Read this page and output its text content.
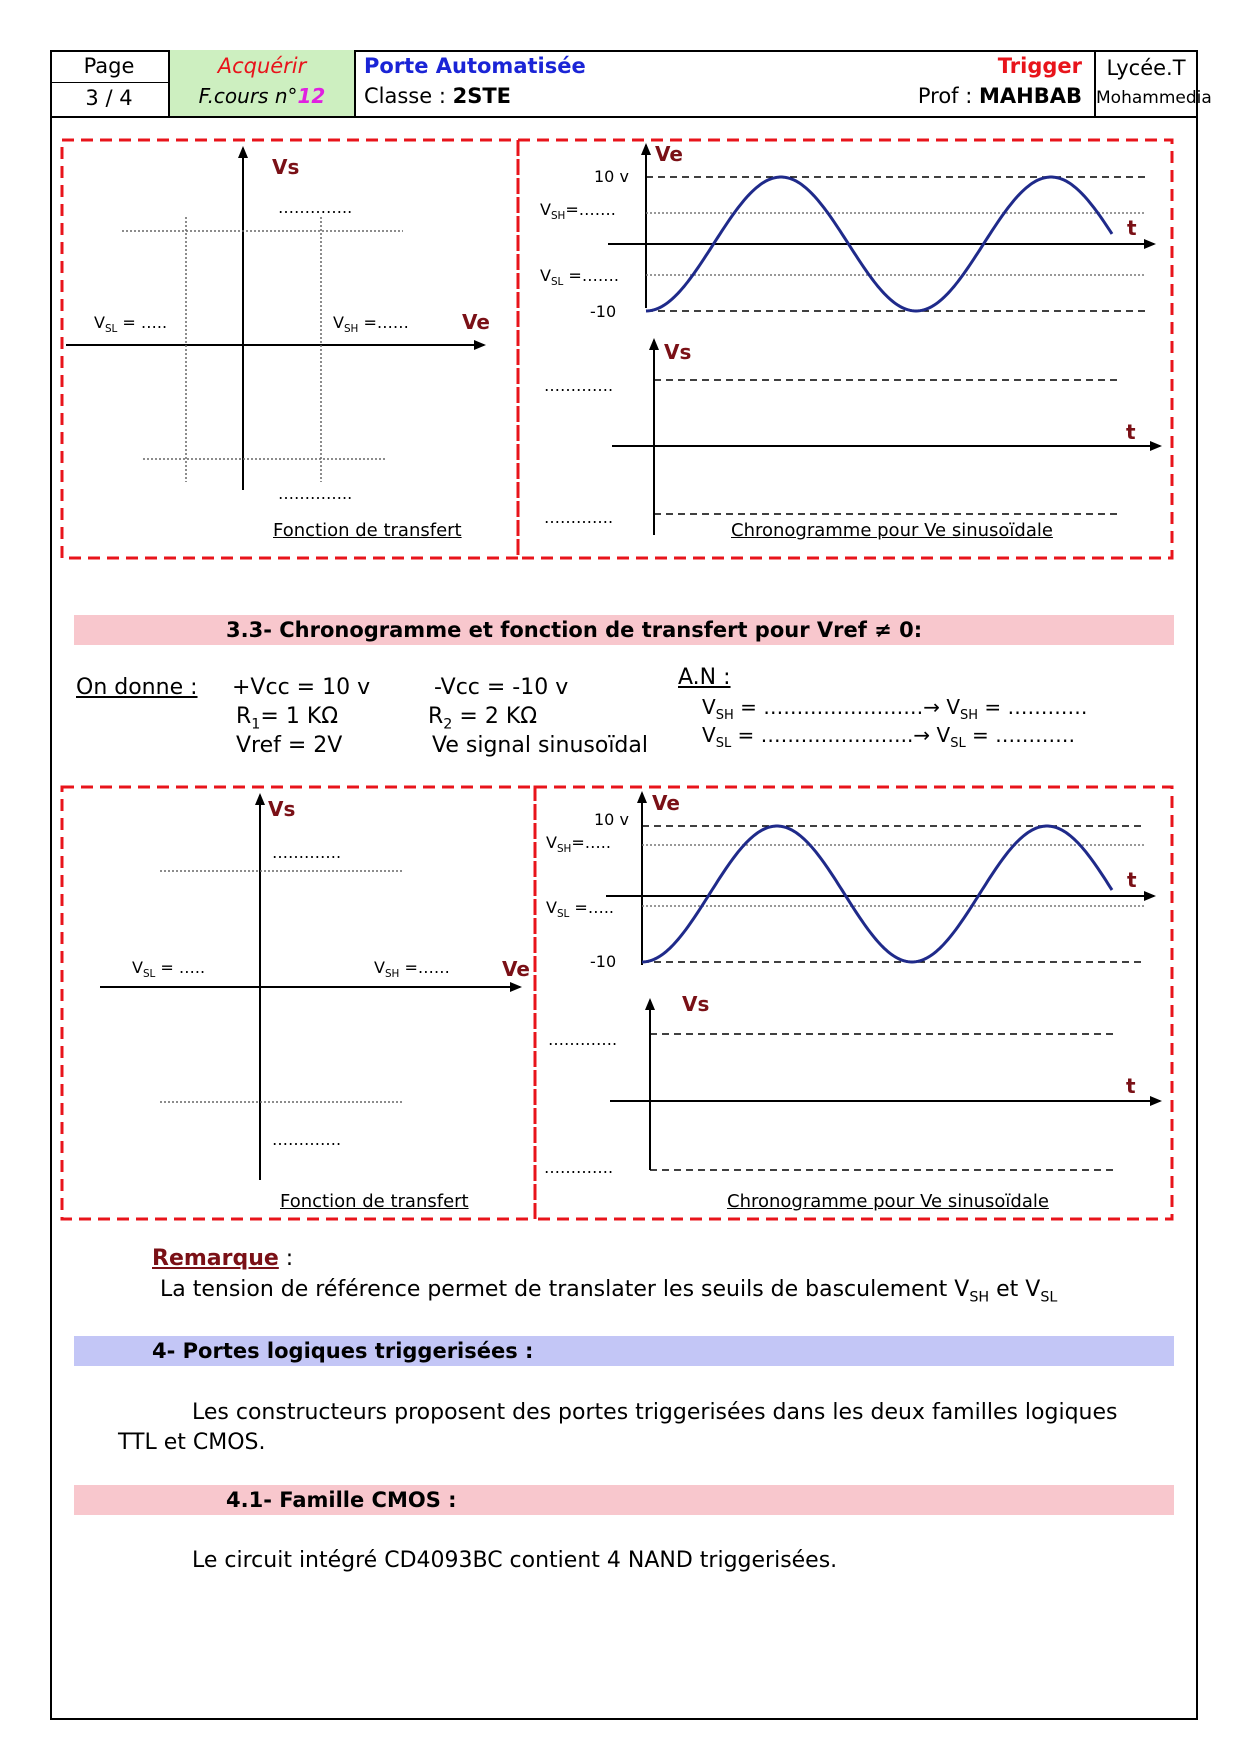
Page
3 / 4
Acquérir
F.cours n°12
Porte Automatisée
Classe : 2STE
Trigger
Prof : MAHBAB
Lycée.T
Mohammedia
Vs
Ve
…………..
…………..
$V_{SL}$ = …..	$V_{SH}$ =……
Fonction de transfert
Ve
t
10 v
-10
$V_{SH}=\dots\dots$.
$V_{SL}$ =…….
Vs
t
………….
………….
Chronogramme pour Ve sinusoïdale
3.3- Chronogramme et fonction de transfert pour Vref ≠ 0:
On donne : +Vcc = 10 v	-Vcc = -10 v
$R_1= 1$ KΩ	$R_2 = 2$ KΩ
Vref = 2V	Ve signal sinusoïdal
A.N :
$V_{SH}$ = ……………………→ $V_{SH}$ = …………
$V_{SL}$ = …………………..→ $V_{SL}$ = …………
Vs
Ve
………….
………….
$V_{SL}$ = …..	$V_{SH}$ =……
Fonction de transfert
Ve
t
10 v
-10
$V_{SH}=\dots$..
$V_{SL}$ =…..
Vs
t
………….
………….
Chronogramme pour Ve sinusoïdale
Remarque :
La tension de référence permet de translater les seuils de basculement $V_{SH}$ et $V_{SL}$
4- Portes logiques triggerisées :
Les constructeurs proposent des portes triggerisées dans les deux familles logiques
TTL et CMOS.
4.1- Famille CMOS :
Le circuit intégré CD4093BC contient 4 NAND triggerisées.
